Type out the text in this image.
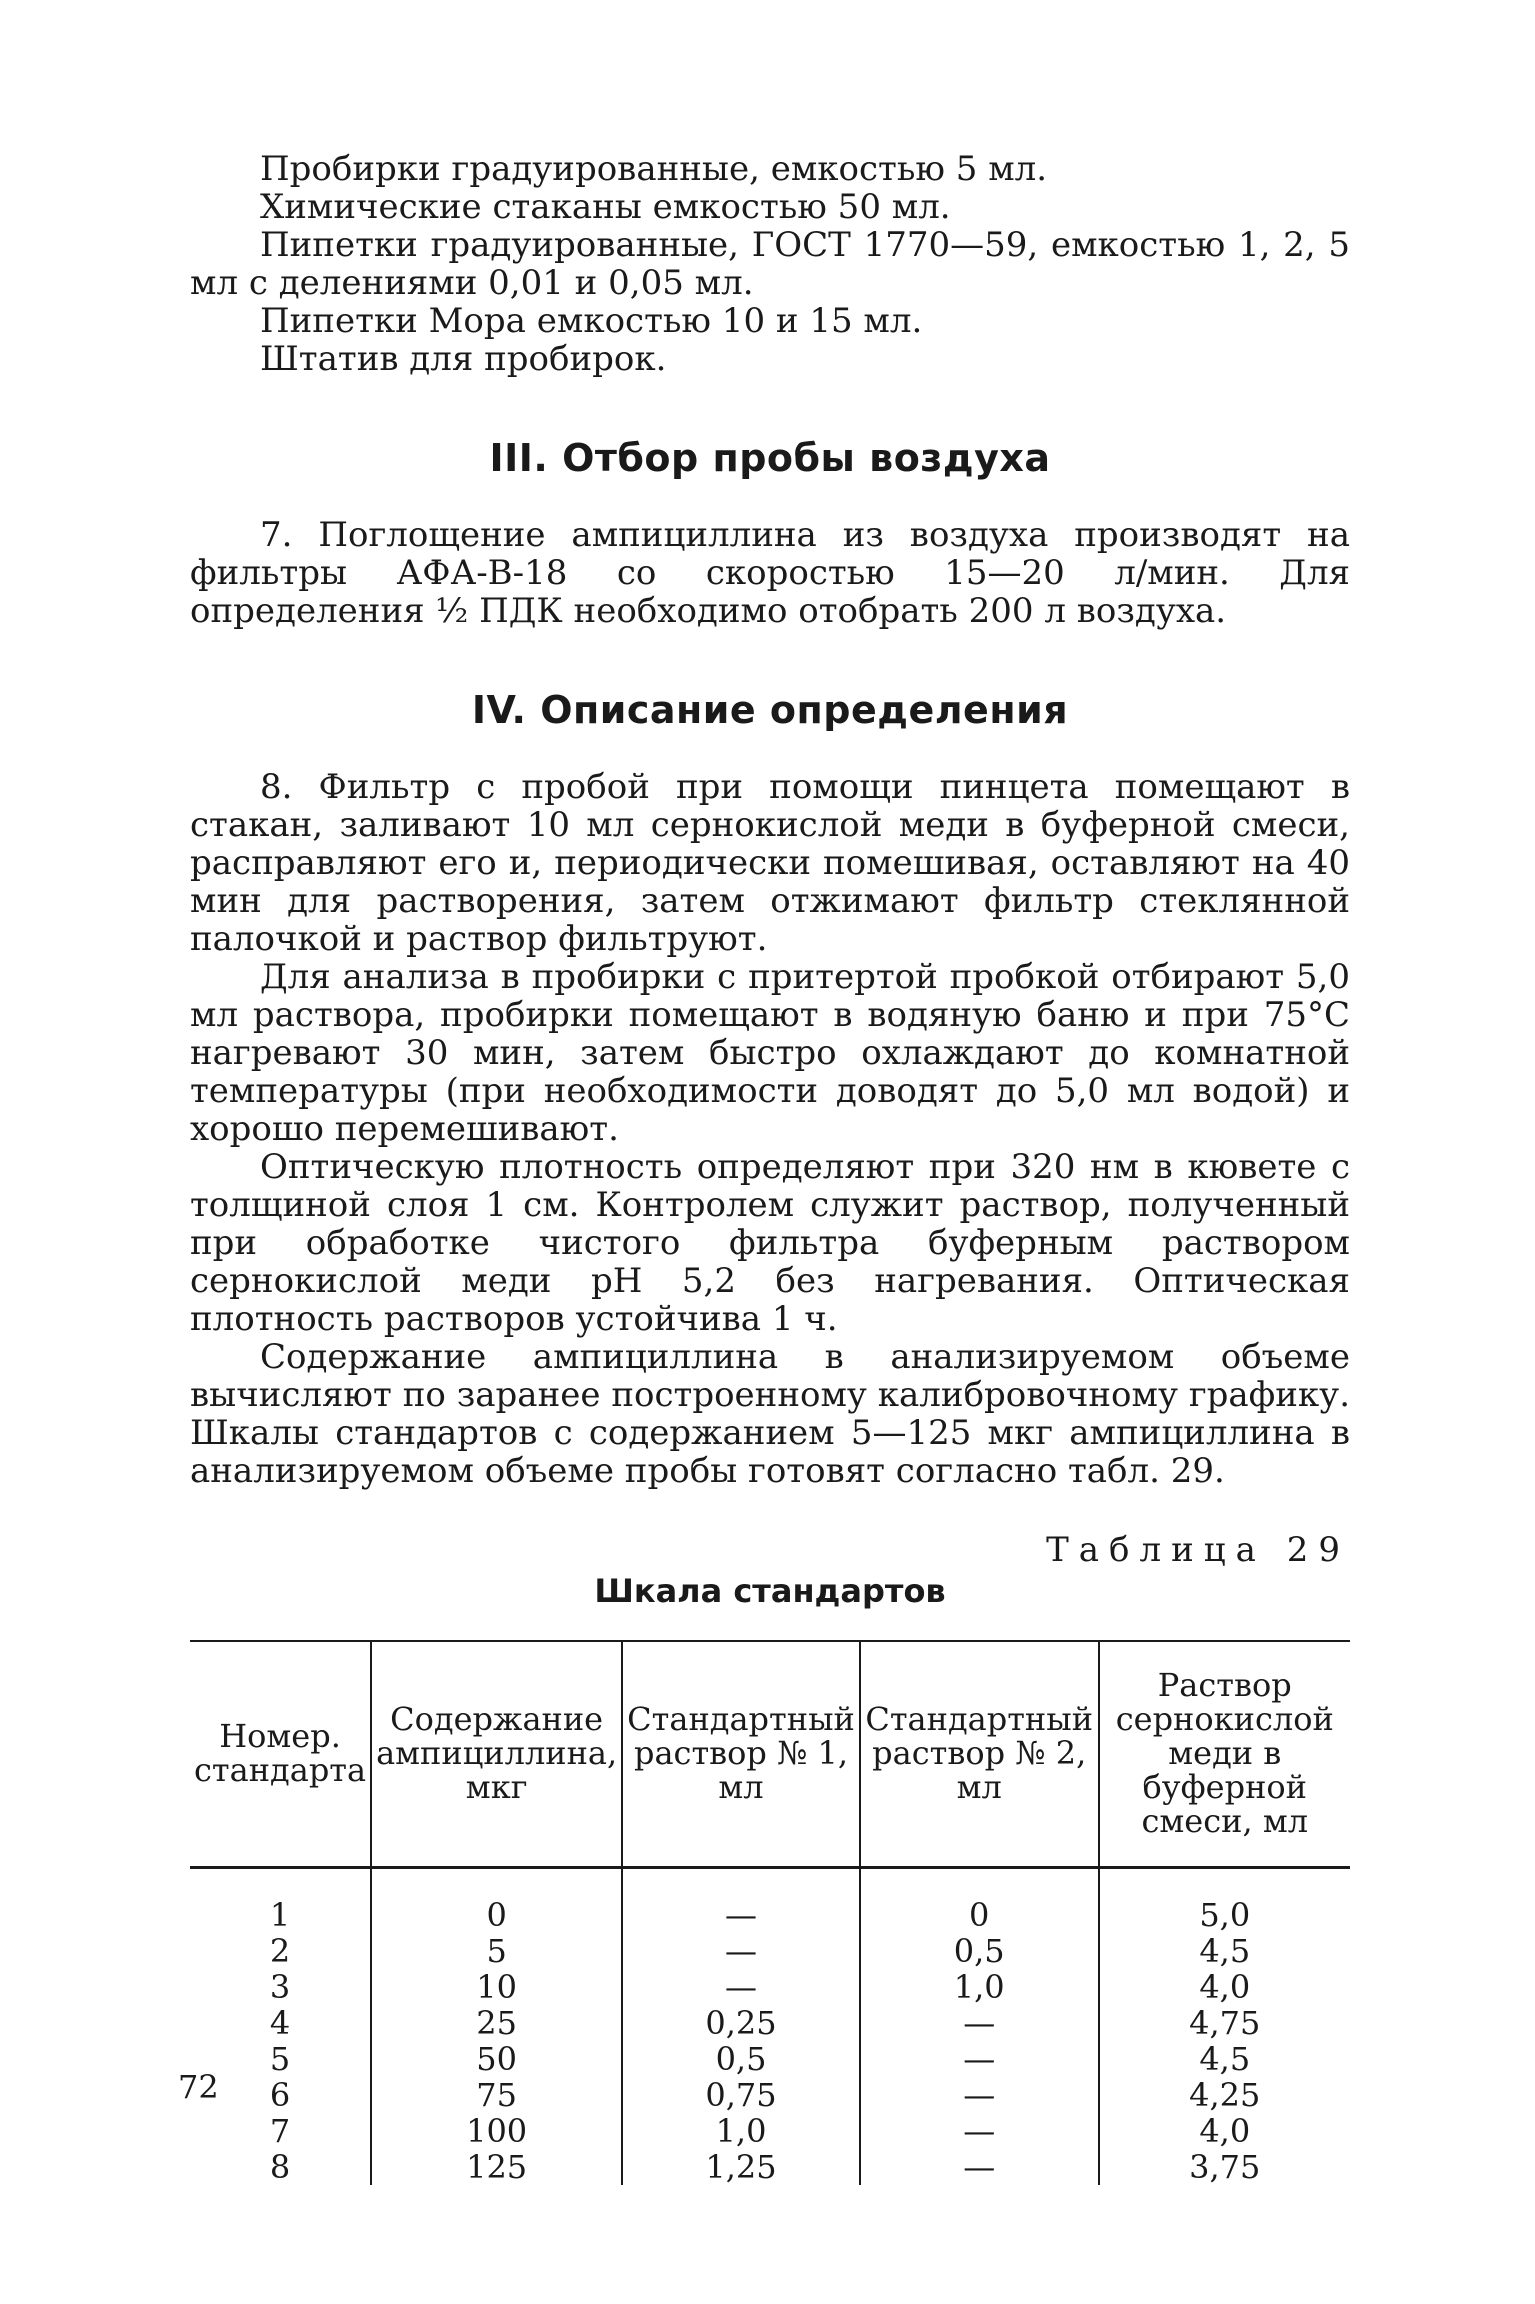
Пробирки градуированные, емкостью 5 мл.

Химические стаканы емкостью 50 мл.

Пипетки градуированные, ГОСТ 1770—59, емкостью 1, 2, 5 мл с делениями 0,01 и 0,05 мл.

Пипетки Мора емкостью 10 и 15 мл.

Штатив для пробирок.

III. Отбор пробы воздуха

7. Поглощение ампициллина из воздуха производят на фильтры АФА-В-18 со скоростью 15—20 л/мин. Для определения ½ ПДК необходимо отобрать 200 л воздуха.

IV. Описание определения

8. Фильтр с пробой при помощи пинцета помещают в стакан, заливают 10 мл сернокислой меди в буферной смеси, расправляют его и, периодически помешивая, оставляют на 40 мин для растворения, затем отжимают фильтр стеклянной палочкой и раствор фильтруют.

Для анализа в пробирки с притертой пробкой отбирают 5,0 мл раствора, пробирки помещают в водяную баню и при 75°С нагревают 30 мин, затем быстро охлаждают до комнатной температуры (при необходимости доводят до 5,0 мл водой) и хорошо перемешивают.

Оптическую плотность определяют при 320 нм в кювете с толщиной слоя 1 см. Контролем служит раствор, полученный при обработке чистого фильтра буферным раствором сернокислой меди pH 5,2 без нагревания. Оптическая плотность растворов устойчива 1 ч.

Содержание ампициллина в анализируемом объеме вычисляют по заранее построенному калибровочному графику. Шкалы стандартов с содержанием 5—125 мкг ампициллина в анализируемом объеме пробы готовят согласно табл. 29.

Таблица 29
Шкала стандартов
Номер. стандарта	Содержание ампициллина, мкг	Стандартный раствор № 1, мл	Стандартный раствор № 2, мл	Раствор сернокислой меди в буферной смеси, мл
1	0	—	0	5,0
2	5	—	0,5	4,5
3	10	—	1,0	4,0
4	25	0,25	—	4,75
5	50	0,5	—	4,5
6	75	0,75	—	4,25
7	100	1,0	—	4,0
8	125	1,25	—	3,75
72
